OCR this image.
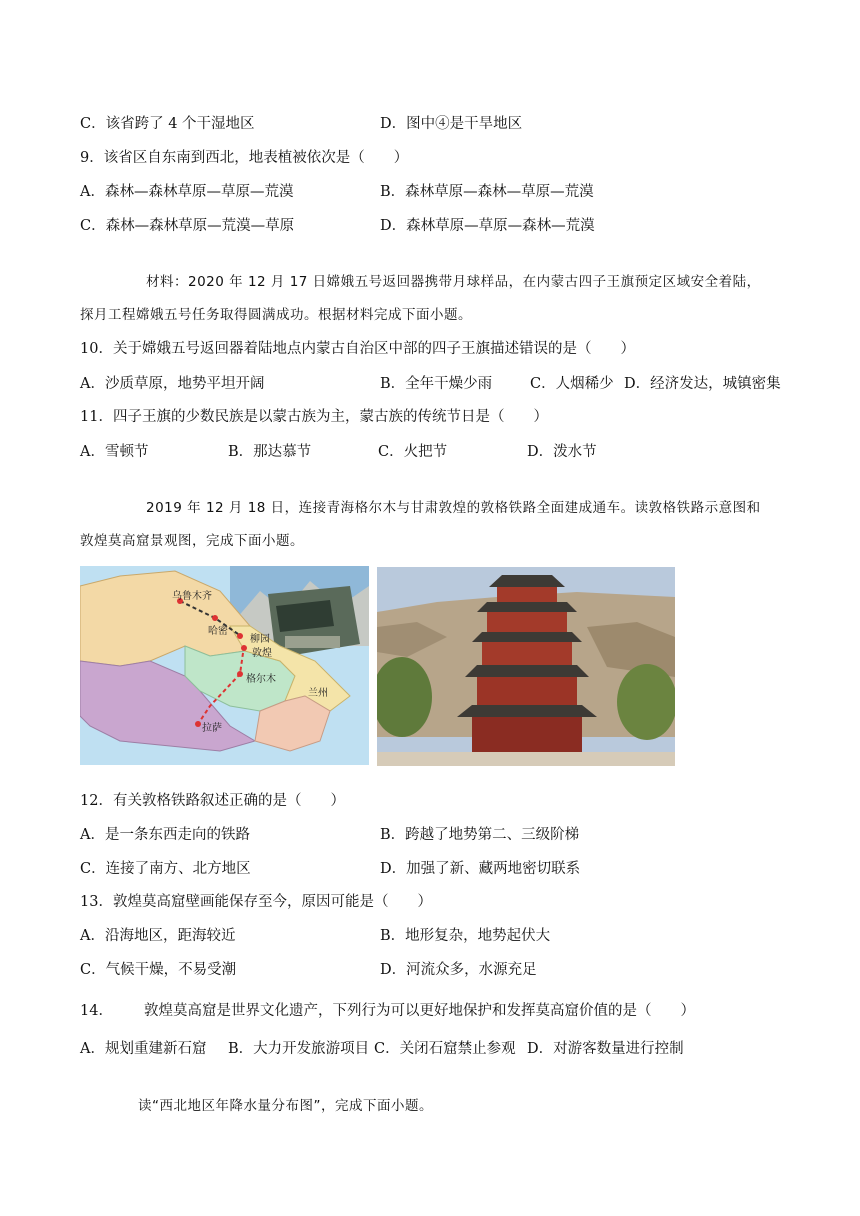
C．该省跨了 4 个干湿地区	D．图中④是干旱地区
9．该省区自东南到西北，地表植被依次是（　　）
A．森林—森林草原—草原—荒漠	B．森林草原—森林—草原—荒漠
C．森林—森林草原—荒漠—草原	D．森林草原—草原—森林—荒漠
材料：2020 年 12 月 17 日嫦娥五号返回器携带月球样品，在内蒙古四子王旗预定区域安全着陆，
探月工程嫦娥五号任务取得圆满成功。根据材料完成下面小题。
10．关于嫦娥五号返回器着陆地点内蒙古自治区中部的四子王旗描述错误的是（　　）
A．沙质草原，地势平坦开阔	B．全年干燥少雨	C．人烟稀少 D．经济发达，城镇密集
11．四子王旗的少数民族是以蒙古族为主，蒙古族的传统节日是（　　）
A．雪顿节	B．那达慕节	C．火把节	D．泼水节
2019 年 12 月 18 日，连接青海格尔木与甘肃敦煌的敦格铁路全面建成通车。读敦格铁路示意图和
敦煌莫高窟景观图，完成下面小题。
乌鲁木齐
哈密
柳园
敦煌
格尔木
兰州
拉萨
12．有关敦格铁路叙述正确的是（　　）
A．是一条东西走向的铁路	B．跨越了地势第二、三级阶梯
C．连接了南方、北方地区	D．加强了新、藏两地密切联系
13．敦煌莫高窟壁画能保存至今，原因可能是（　　）
A．沿海地区，距海较近	B．地形复杂，地势起伏大
C．气候干燥，不易受潮	D．河流众多，水源充足
14． 敦煌莫高窟是世界文化遗产，下列行为可以更好地保护和发挥莫高窟价值的是（　　）
A．规划重建新石窟 B．大力开发旅游项目 C．关闭石窟禁止参观 D．对游客数量进行控制
读“西北地区年降水量分布图”，完成下面小题。
